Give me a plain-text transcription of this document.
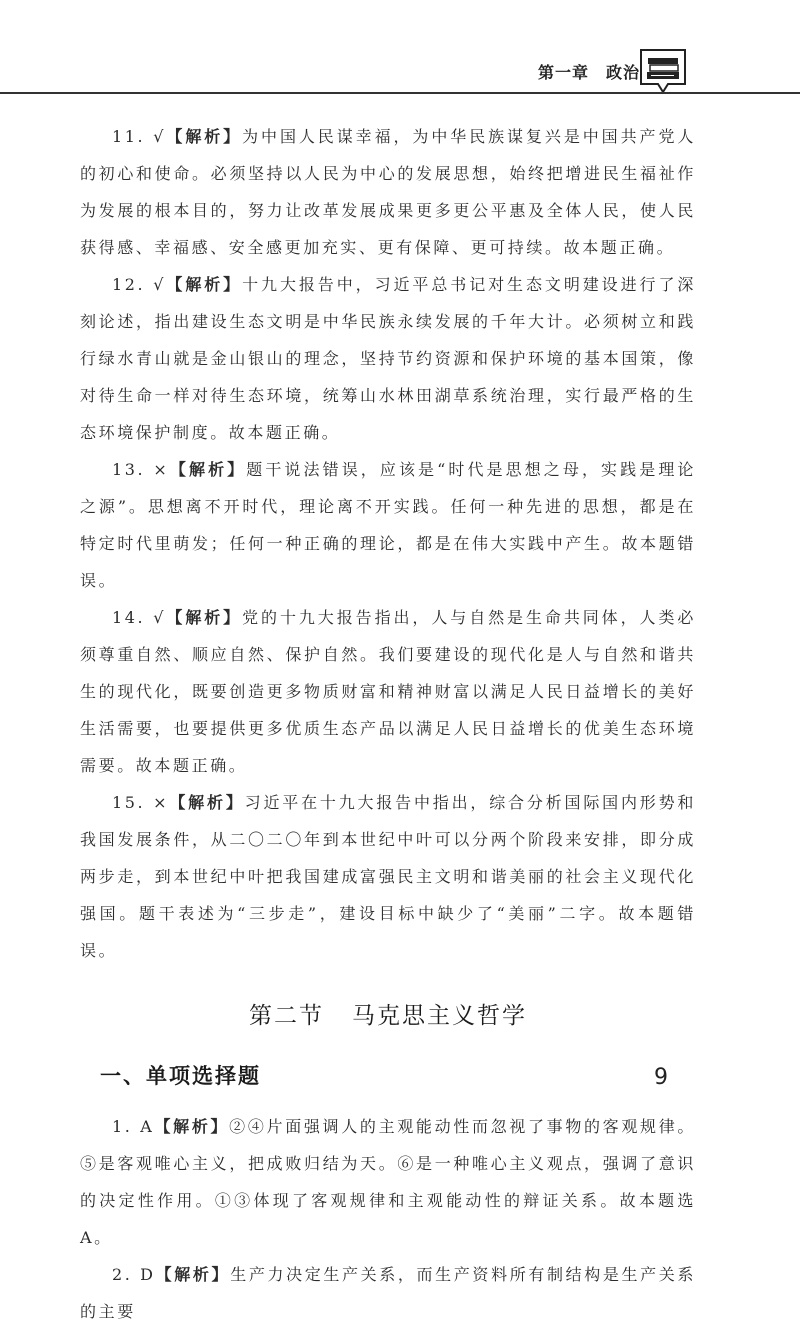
第一章　政治

11. √【解析】为中国人民谋幸福，为中华民族谋复兴是中国共产党人的初心和使命。必须坚持以人民为中心的发展思想，始终把增进民生福祉作为发展的根本目的，努力让改革发展成果更多更公平惠及全体人民，使人民获得感、幸福感、安全感更加充实、更有保障、更可持续。故本题正确。

12. √【解析】十九大报告中，习近平总书记对生态文明建设进行了深刻论述，指出建设生态文明是中华民族永续发展的千年大计。必须树立和践行绿水青山就是金山银山的理念，坚持节约资源和保护环境的基本国策，像对待生命一样对待生态环境，统筹山水林田湖草系统治理，实行最严格的生态环境保护制度。故本题正确。

13. ×【解析】题干说法错误，应该是“时代是思想之母，实践是理论之源”。思想离不开时代，理论离不开实践。任何一种先进的思想，都是在特定时代里萌发；任何一种正确的理论，都是在伟大实践中产生。故本题错误。

14. √【解析】党的十九大报告指出，人与自然是生命共同体，人类必须尊重自然、顺应自然、保护自然。我们要建设的现代化是人与自然和谐共生的现代化，既要创造更多物质财富和精神财富以满足人民日益增长的美好生活需要，也要提供更多优质生态产品以满足人民日益增长的优美生态环境需要。故本题正确。

15. ×【解析】习近平在十九大报告中指出，综合分析国际国内形势和我国发展条件，从二〇二〇年到本世纪中叶可以分两个阶段来安排，即分成两步走，到本世纪中叶把我国建成富强民主文明和谐美丽的社会主义现代化强国。题干表述为“三步走”，建设目标中缺少了“美丽”二字。故本题错误。

第二节 马克思主义哲学
一、单项选择题

1. A【解析】②④片面强调人的主观能动性而忽视了事物的客观规律。⑤是客观唯心主义，把成败归结为天。⑥是一种唯心主义观点，强调了意识的决定性作用。①③体现了客观规律和主观能动性的辩证关系。故本题选 A。

2. D【解析】生产力决定生产关系，而生产资料所有制结构是生产关系的主要

9
